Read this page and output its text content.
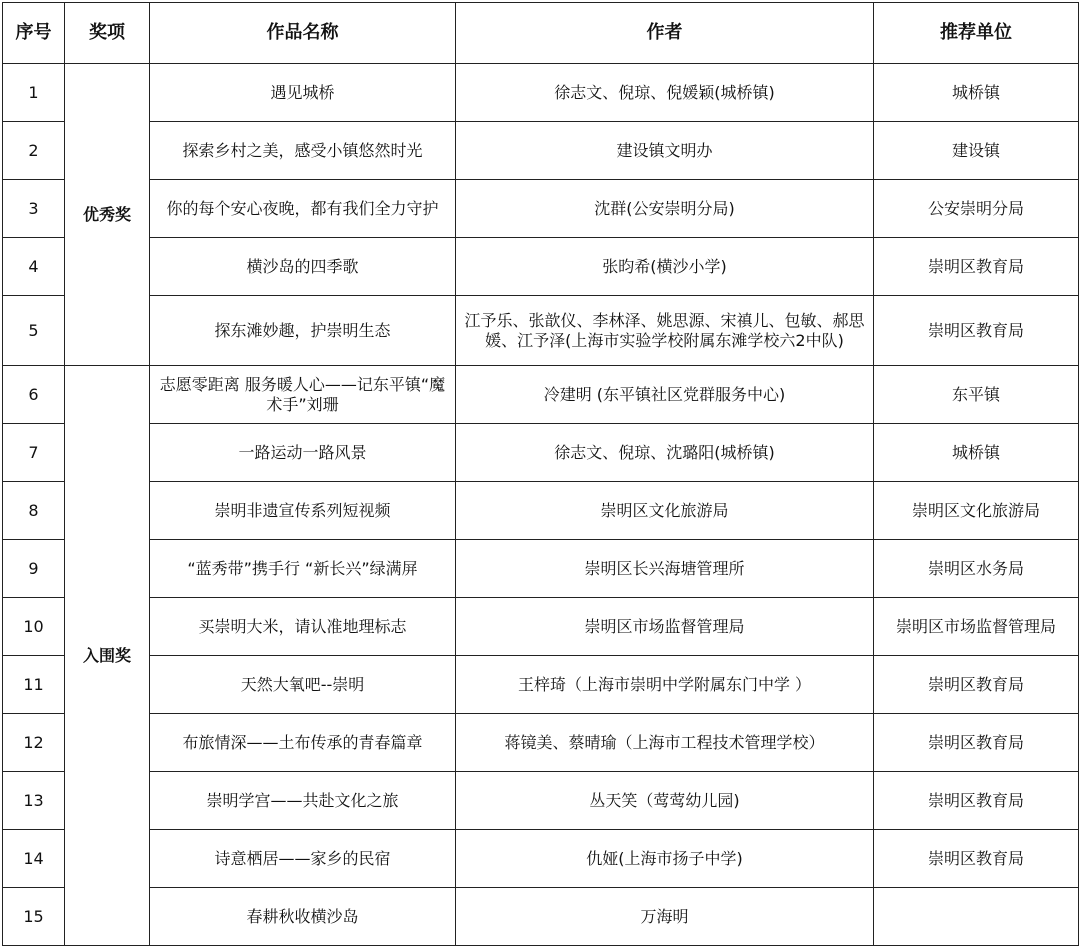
序号	奖项	作品名称	作者	推荐单位
1	优秀奖	遇见城桥	徐志文、倪琼、倪媛颖(城桥镇)	城桥镇
2		探索乡村之美，感受小镇悠然时光	建设镇文明办	建设镇
3		你的每个安心夜晚，都有我们全力守护	沈群(公安崇明分局)	公安崇明分局
4		横沙岛的四季歌	张昀希(横沙小学)	崇明区教育局
5		探东滩妙趣，护崇明生态	江予乐、张歆仪、李林泽、姚思源、宋禛儿、包敏、郝思媛、江予泽(上海市实验学校附属东滩学校六2中队)	崇明区教育局
6	入围奖	志愿零距离 服务暖人心——记东平镇“魔术手”刘珊	冷建明 (东平镇社区党群服务中心)	东平镇
7		一路运动一路风景	徐志文、倪琼、沈璐阳(城桥镇)	城桥镇
8		崇明非遗宣传系列短视频	崇明区文化旅游局	崇明区文化旅游局
9		“蓝秀带”携手行 “新长兴”绿满屏	崇明区长兴海塘管理所	崇明区水务局
10		买崇明大米，请认准地理标志	崇明区市场监督管理局	崇明区市场监督管理局
11		天然大氧吧--崇明	王梓琦（上海市崇明中学附属东门中学 ）	崇明区教育局
12		布旅情深——土布传承的青春篇章	蒋镜美、蔡晴瑜（上海市工程技术管理学校）	崇明区教育局
13		崇明学宫——共赴文化之旅	丛天笑（莺莺幼儿园)	崇明区教育局
14		诗意栖居——家乡的民宿	仇娅(上海市扬子中学)	崇明区教育局
15		春耕秋收横沙岛	万海明	
